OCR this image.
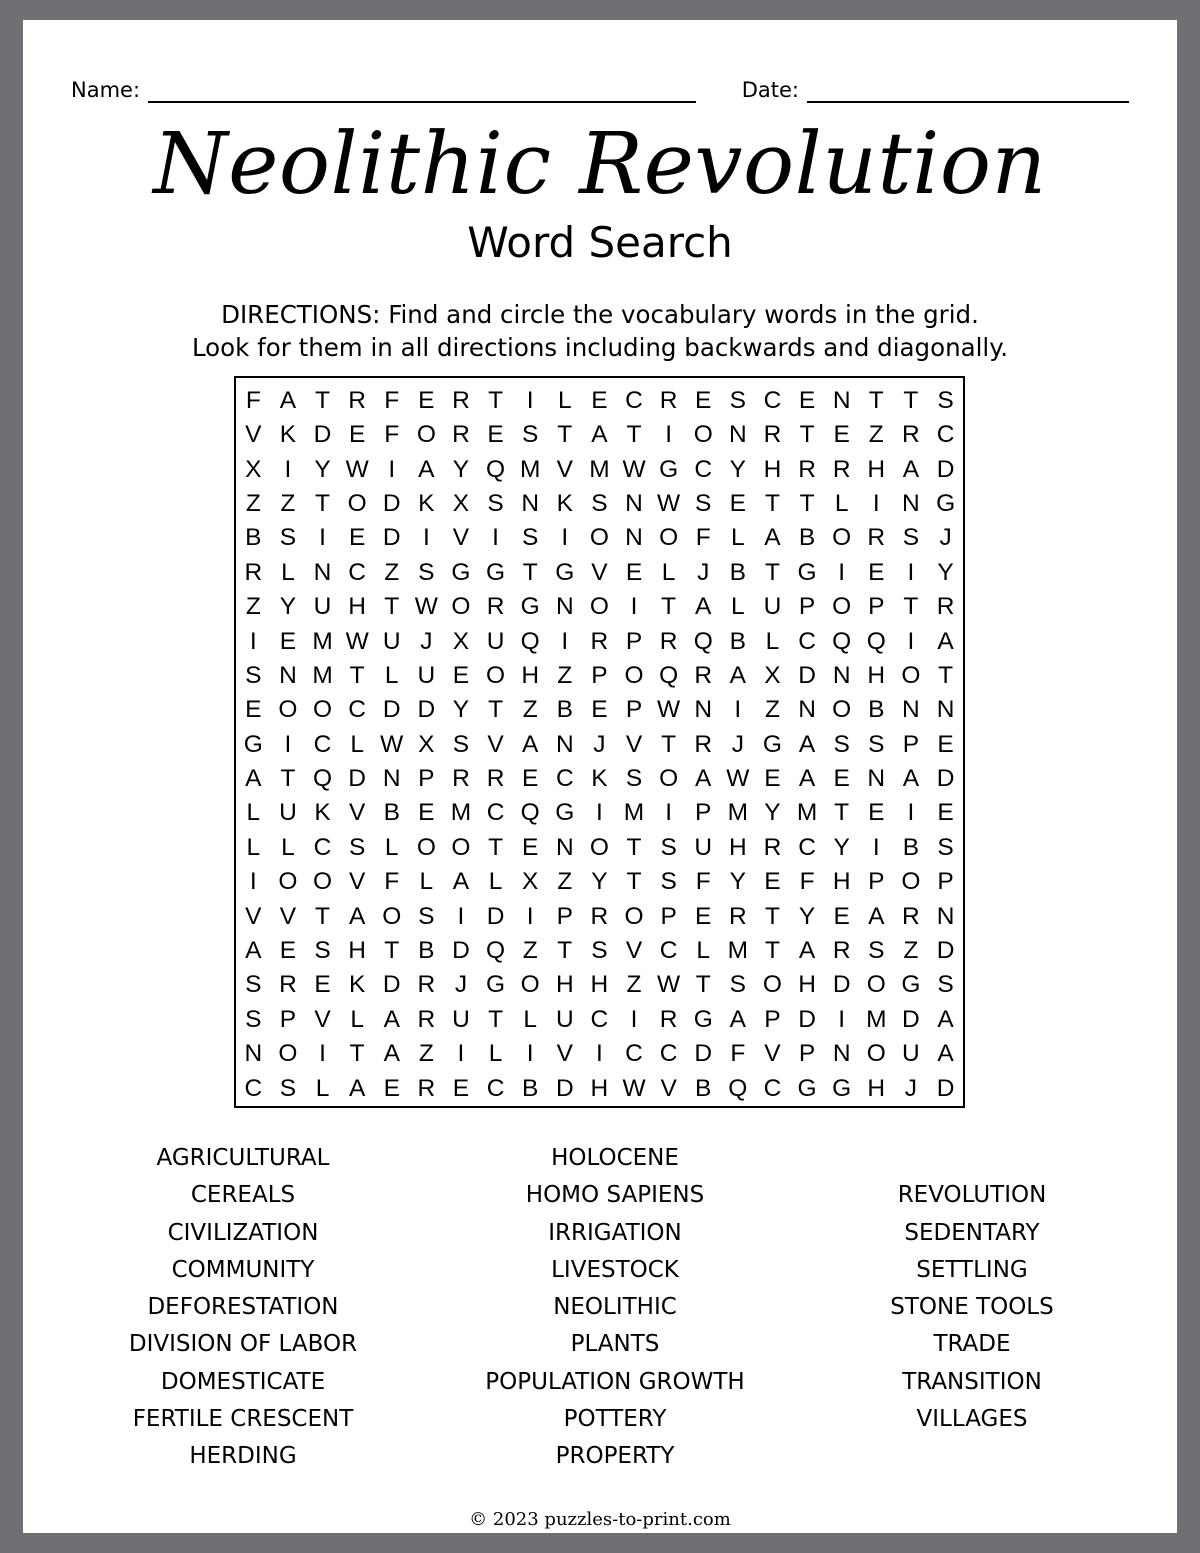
Name:	Date:
Neolithic Revolution
Word Search
DIRECTIONS: Find and circle the vocabulary words in the grid.
Look for them in all directions including backwards and diagonally.
F	A	T	R	F	E	R	T	I	L	E	C	R	E	S	C	E	N	T	T	S
V	K	D	E	F	O	R	E	S	T	A	T	I	O	N	R	T	E	Z	R	C
X	I	Y	W	I	A	Y	Q	M	V	M	W	G	C	Y	H	R	R	H	A	D
Z	Z	T	O	D	K	X	S	N	K	S	N	W	S	E	T	T	L	I	N	G
B	S	I	E	D	I	V	I	S	I	O	N	O	F	L	A	B	O	R	S	J
R	L	N	C	Z	S	G	G	T	G	V	E	L	J	B	T	G	I	E	I	Y
Z	Y	U	H	T	W	O	R	G	N	O	I	T	A	L	U	P	O	P	T	R
I	E	M	W	U	J	X	U	Q	I	R	P	R	Q	B	L	C	Q	Q	I	A
S	N	M	T	L	U	E	O	H	Z	P	O	Q	R	A	X	D	N	H	O	T
E	O	O	C	D	D	Y	T	Z	B	E	P	W	N	I	Z	N	O	B	N	N
G	I	C	L	W	X	S	V	A	N	J	V	T	R	J	G	A	S	S	P	E
A	T	Q	D	N	P	R	R	E	C	K	S	O	A	W	E	A	E	N	A	D
L	U	K	V	B	E	M	C	Q	G	I	M	I	P	M	Y	M	T	E	I	E
L	L	C	S	L	O	O	T	E	N	O	T	S	U	H	R	C	Y	I	B	S
I	O	O	V	F	L	A	L	X	Z	Y	T	S	F	Y	E	F	H	P	O	P
V	V	T	A	O	S	I	D	I	P	R	O	P	E	R	T	Y	E	A	R	N
A	E	S	H	T	B	D	Q	Z	T	S	V	C	L	M	T	A	R	S	Z	D
S	R	E	K	D	R	J	G	O	H	H	Z	W	T	S	O	H	D	O	G	S
S	P	V	L	A	R	U	T	L	U	C	I	R	G	A	P	D	I	M	D	A
N	O	I	T	A	Z	I	L	I	V	I	C	C	D	F	V	P	N	O	U	A
C	S	L	A	E	R	E	C	B	D	H	W	V	B	Q	C	G	G	H	J	D
AGRICULTURAL
CEREALS
CIVILIZATION
COMMUNITY
DEFORESTATION
DIVISION OF LABOR
DOMESTICATE
FERTILE CRESCENT
HERDING
HOLOCENE
HOMO SAPIENS
IRRIGATION
LIVESTOCK
NEOLITHIC
PLANTS
POPULATION GROWTH
POTTERY
PROPERTY
REVOLUTION
SEDENTARY
SETTLING
STONE TOOLS
TRADE
TRANSITION
VILLAGES
© 2023 puzzles-to-print.com
